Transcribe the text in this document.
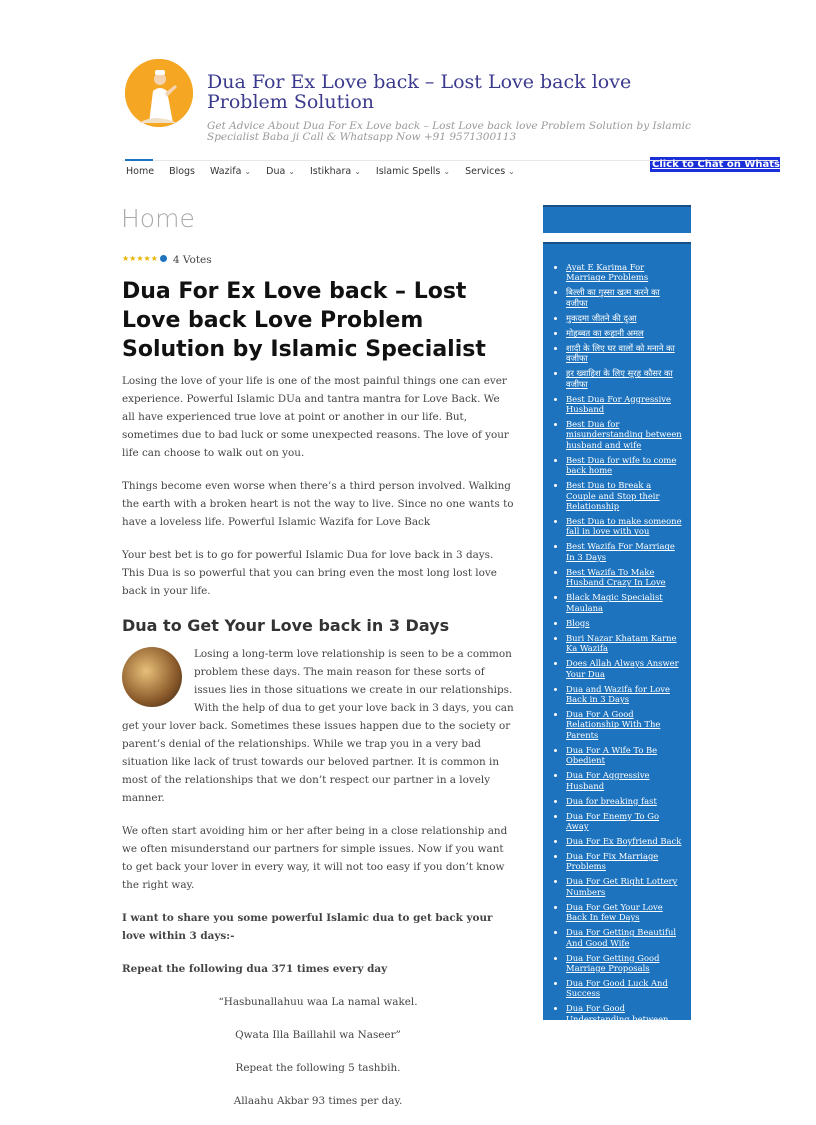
Dua For Ex Love back – Lost Love back love Problem Solution
Get Advice About Dua For Ex Love back – Lost Love back love Problem Solution by Islamic Specialist Baba ji Call & Whatsapp Now +91 9571300113
Click to Chat on Whatsapp
Home Blogs Wazifa ⌄ Dua ⌄ Istikhara ⌄ Islamic Spells ⌄ Services ⌄
Home
★★★★★ 4 Votes
Dua For Ex Love back – Lost Love back Love Problem Solution by Islamic Specialist

Losing the love of your life is one of the most painful things one can ever experience. Powerful Islamic DUa and tantra mantra for Love Back. We all have experienced true love at point or another in our life. But, sometimes due to bad luck or some unexpected reasons. The love of your life can choose to walk out on you.

Things become even worse when there’s a third person involved. Walking the earth with a broken heart is not the way to live. Since no one wants to have a loveless life. Powerful Islamic Wazifa for Love Back

Your best bet is to go for powerful Islamic Dua for love back in 3 days. This Dua is so powerful that you can bring even the most long lost love back in your life.

Dua to Get Your Love back in 3 Days

Losing a long-term love relationship is seen to be a common problem these days. The main reason for these sorts of issues lies in those situations we create in our relationships. With the help of dua to get your love back in 3 days, you can get your lover back. Sometimes these issues happen due to the society or parent’s denial of the relationships. While we trap you in a very bad situation like lack of trust towards our beloved partner. It is common in most of the relationships that we don’t respect our partner in a lovely manner.

We often start avoiding him or her after being in a close relationship and we often misunderstand our partners for simple issues. Now if you want to get back your lover in every way, it will not too easy if you don’t know the right way.

I want to share you some powerful Islamic dua to get back your love within 3 days:-

Repeat the following dua 371 times every day

“Hasbunallahuu waa La namal wakel.

Qwata Illa Baillahil wa Naseer”

Repeat the following 5 tashbih.

Allaahu Akbar 93 times per day.

• Ayat E Karima For Marriage Problems
• बिल्ली का गुस्सा खत्म करने का वजीफा
• मुकदमा जीतने की दुआ
• मोहब्बत का रूहानी अमल
• शादी के लिए घर वालों को मनाने का वजीफा
• हर ख्वाहिश के लिए सूरह कौसर का वजीफा
• Best Dua For Aggressive Husband
• Best Dua for misunderstanding between husband and wife
• Best Dua for wife to come back home
• Best Dua to Break a Couple and Stop their Relationship
• Best Dua to make someone fall in love with you
• Best Wazifa For Marriage In 3 Days
• Best Wazifa To Make Husband Crazy In Love
• Black Magic Specialist Maulana
• Blogs
• Buri Nazar Khatam Karne Ka Wazifa
• Does Allah Always Answer Your Dua
• Dua and Wazifa for Love Back in 3 Days
• Dua For A Good Relationship With The Parents
• Dua For A Wife To Be Obedient
• Dua For Aggressive Husband
• Dua for breaking fast
• Dua For Enemy To Go Away
• Dua For Ex Boyfriend Back
• Dua For Fix Marriage Problems
• Dua For Get Right Lottery Numbers
• Dua For Get Your Love Back In few Days
• Dua For Getting Beautiful And Good Wife
• Dua For Getting Good Marriage Proposals
• Dua For Good Luck And Success
• Dua For Good Understanding between couples
